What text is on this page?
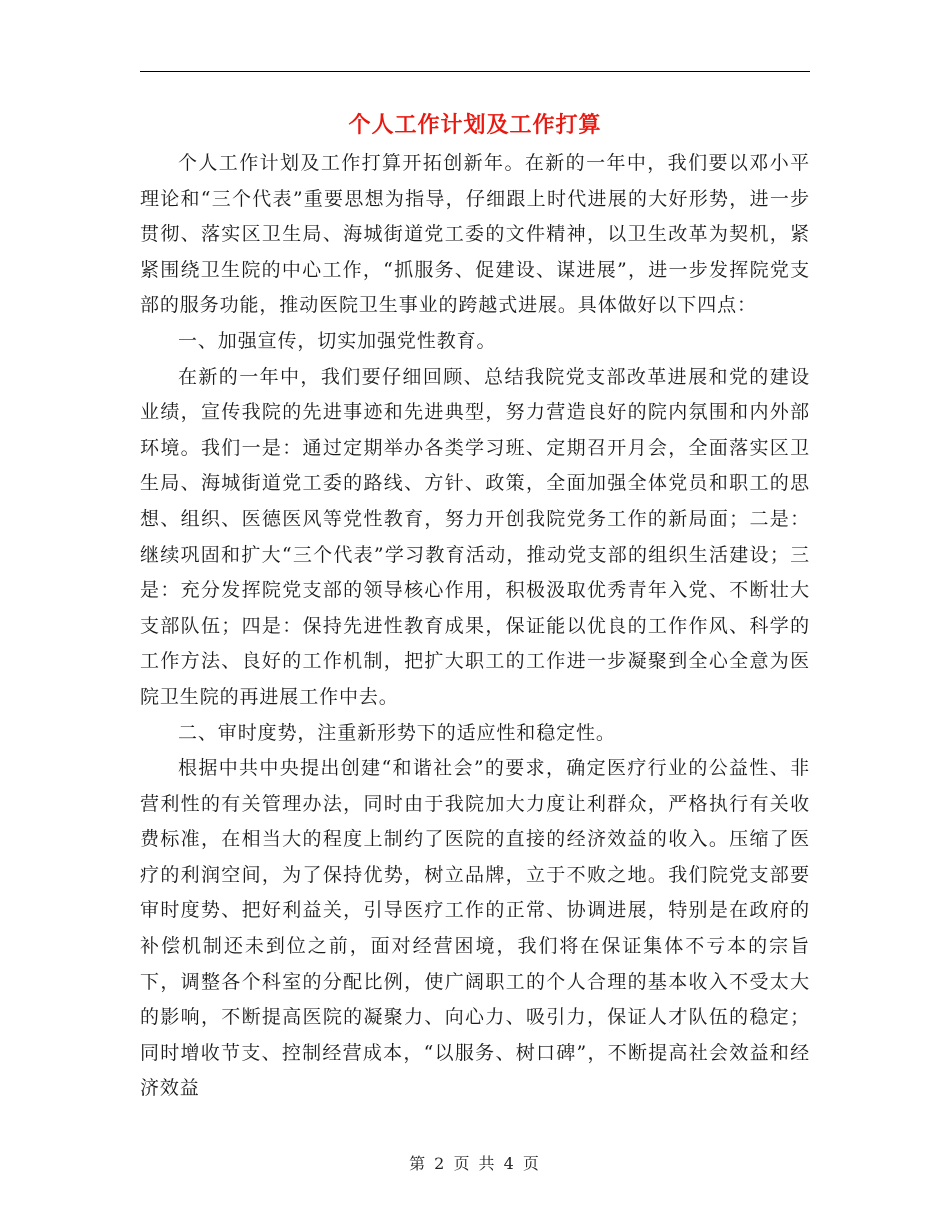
个人工作计划及工作打算

个人工作计划及工作打算开拓创新年。在新的一年中，我们要以邓小平理论和“三个代表”重要思想为指导，仔细跟上时代进展的大好形势，进一步贯彻、落实区卫生局、海城街道党工委的文件精神，以卫生改革为契机，紧紧围绕卫生院的中心工作，“抓服务、促建设、谋进展”，进一步发挥院党支部的服务功能，推动医院卫生事业的跨越式进展。具体做好以下四点：

一、加强宣传，切实加强党性教育。

在新的一年中，我们要仔细回顾、总结我院党支部改革进展和党的建设业绩，宣传我院的先进事迹和先进典型，努力营造良好的院内氛围和内外部环境。我们一是：通过定期举办各类学习班、定期召开月会，全面落实区卫生局、海城街道党工委的路线、方针、政策，全面加强全体党员和职工的思想、组织、医德医风等党性教育，努力开创我院党务工作的新局面；二是：继续巩固和扩大“三个代表”学习教育活动，推动党支部的组织生活建设；三是：充分发挥院党支部的领导核心作用，积极汲取优秀青年入党、不断壮大支部队伍；四是：保持先进性教育成果，保证能以优良的工作作风、科学的工作方法、良好的工作机制，把扩大职工的工作进一步凝聚到全心全意为医院卫生院的再进展工作中去。

二、审时度势，注重新形势下的适应性和稳定性。

根据中共中央提出创建“和谐社会”的要求，确定医疗行业的公益性、非营利性的有关管理办法，同时由于我院加大力度让利群众，严格执行有关收费标准，在相当大的程度上制约了医院的直接的经济效益的收入。压缩了医疗的利润空间，为了保持优势，树立品牌，立于不败之地。我们院党支部要审时度势、把好利益关，引导医疗工作的正常、协调进展，特别是在政府的补偿机制还未到位之前，面对经营困境，我们将在保证集体不亏本的宗旨下，调整各个科室的分配比例，使广阔职工的个人合理的基本收入不受太大的影响，不断提高医院的凝聚力、向心力、吸引力，保证人才队伍的稳定；同时增收节支、控制经营成本，“以服务、树口碑”，不断提高社会效益和经济效益

第 2 页 共 4 页
